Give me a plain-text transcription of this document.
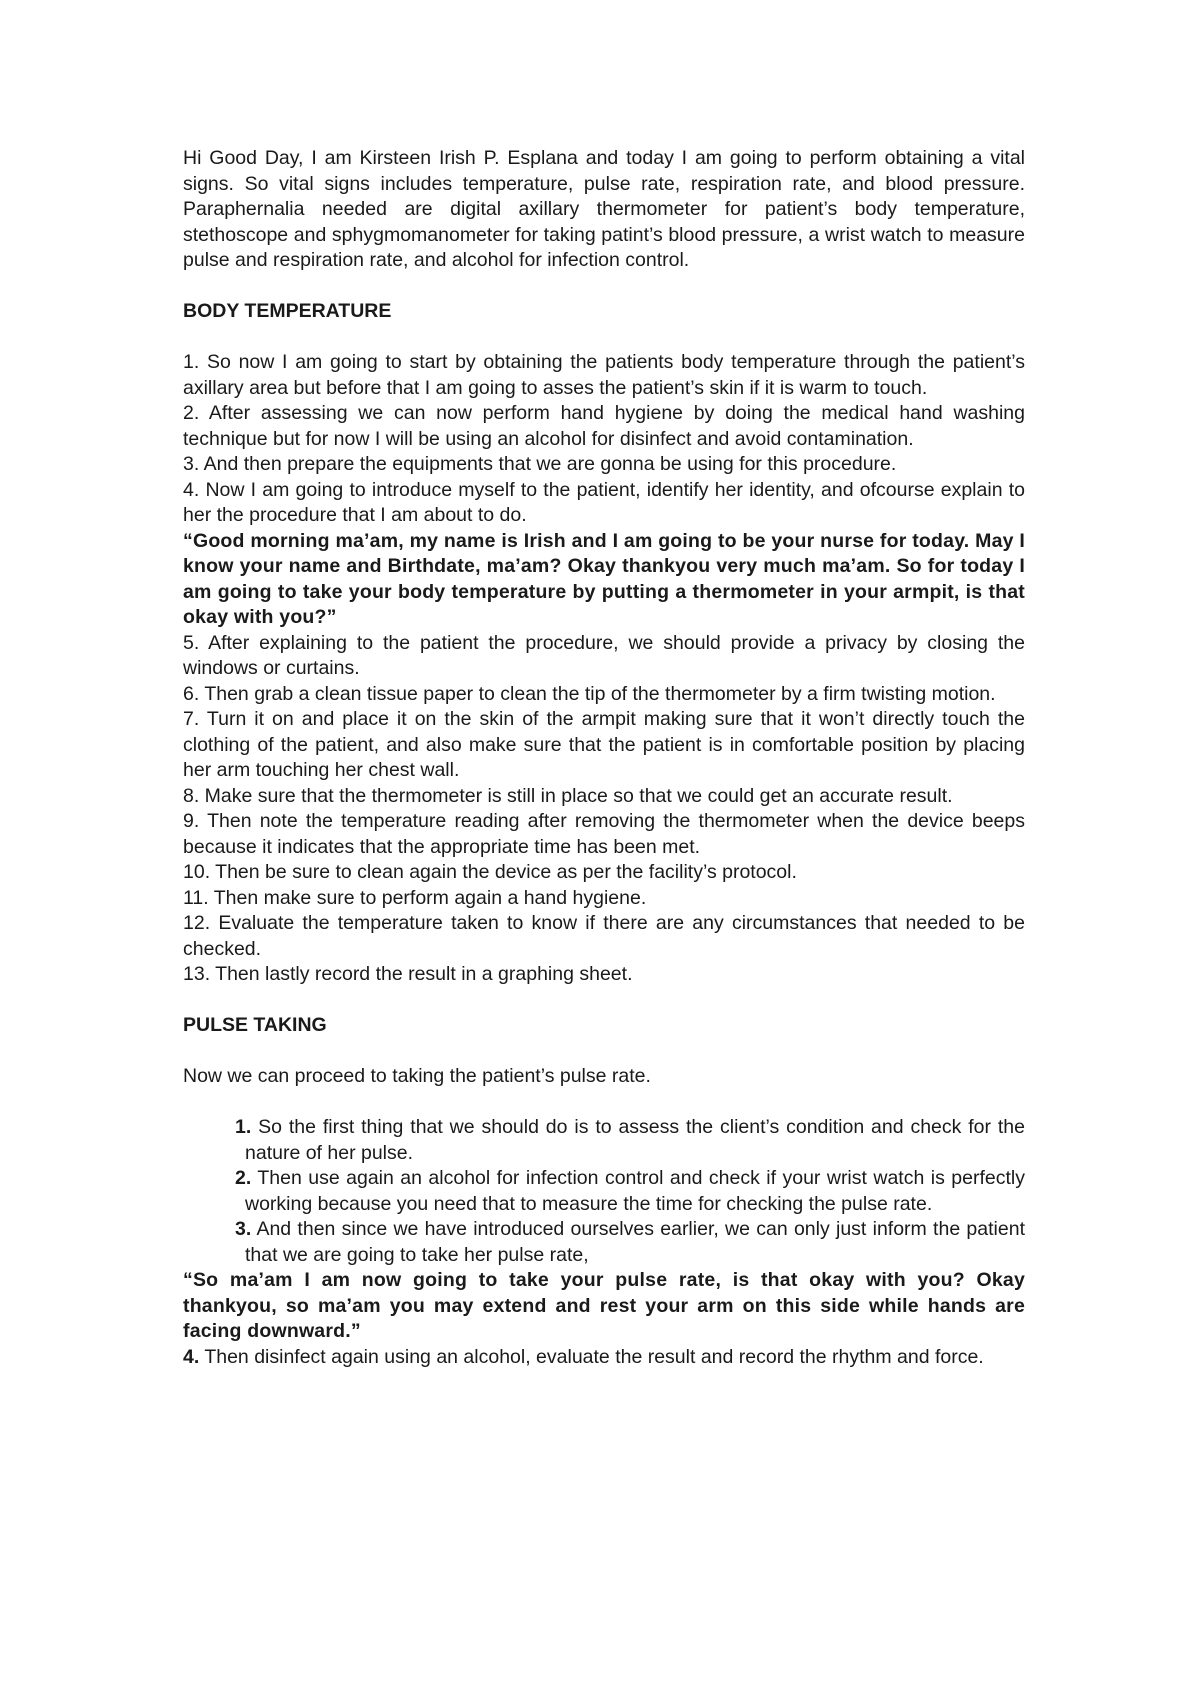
Hi Good Day, I am Kirsteen Irish P. Esplana and today I am going to perform obtaining a vital signs. So vital signs includes temperature, pulse rate, respiration rate, and blood pressure. Paraphernalia needed are digital axillary thermometer for patient’s body temperature, stethoscope and sphygmomanometer for taking patint’s blood pressure, a wrist watch to measure pulse and respiration rate, and alcohol for infection control.

BODY TEMPERATURE

1. So now I am going to start by obtaining the patients body temperature through the patient’s axillary area but before that I am going to asses the patient’s skin if it is warm to touch.

2. After assessing we can now perform hand hygiene by doing the medical hand washing technique but for now I will be using an alcohol for disinfect and avoid contamination.

3. And then prepare the equipments that we are gonna be using for this procedure.

4. Now I am going to introduce myself to the patient, identify her identity, and ofcourse explain to her the procedure that I am about to do.

“Good morning ma’am, my name is Irish and I am going to be your nurse for today. May I know your name and Birthdate, ma’am? Okay thankyou very much ma’am. So for today I am going to take your body temperature by putting a thermometer in your armpit, is that okay with you?”

5. After explaining to the patient the procedure, we should provide a privacy by closing the windows or curtains.

6. Then grab a clean tissue paper to clean the tip of the thermometer by a firm twisting motion.

7. Turn it on and place it on the skin of the armpit making sure that it won’t directly touch the clothing of the patient, and also make sure that the patient is in comfortable position by placing her arm touching her chest wall.

8. Make sure that the thermometer is still in place so that we could get an accurate result.

9. Then note the temperature reading after removing the thermometer when the device beeps because it indicates that the appropriate time has been met.

10. Then be sure to clean again the device as per the facility’s protocol.

11. Then make sure to perform again a hand hygiene.

12. Evaluate the temperature taken to know if there are any circumstances that needed to be checked.

13. Then lastly record the result in a graphing sheet.

PULSE TAKING

Now we can proceed to taking the patient’s pulse rate.

1. So the first thing that we should do is to assess the client’s condition and check for the nature of her pulse.

2. Then use again an alcohol for infection control and check if your wrist watch is perfectly working because you need that to measure the time for checking the pulse rate.

3. And then since we have introduced ourselves earlier, we can only just inform the patient that we are going to take her pulse rate,

“So ma’am I am now going to take your pulse rate, is that okay with you? Okay thankyou, so ma’am you may extend and rest your arm on this side while hands are facing downward.”

4. Then disinfect again using an alcohol, evaluate the result and record the rhythm and force.
